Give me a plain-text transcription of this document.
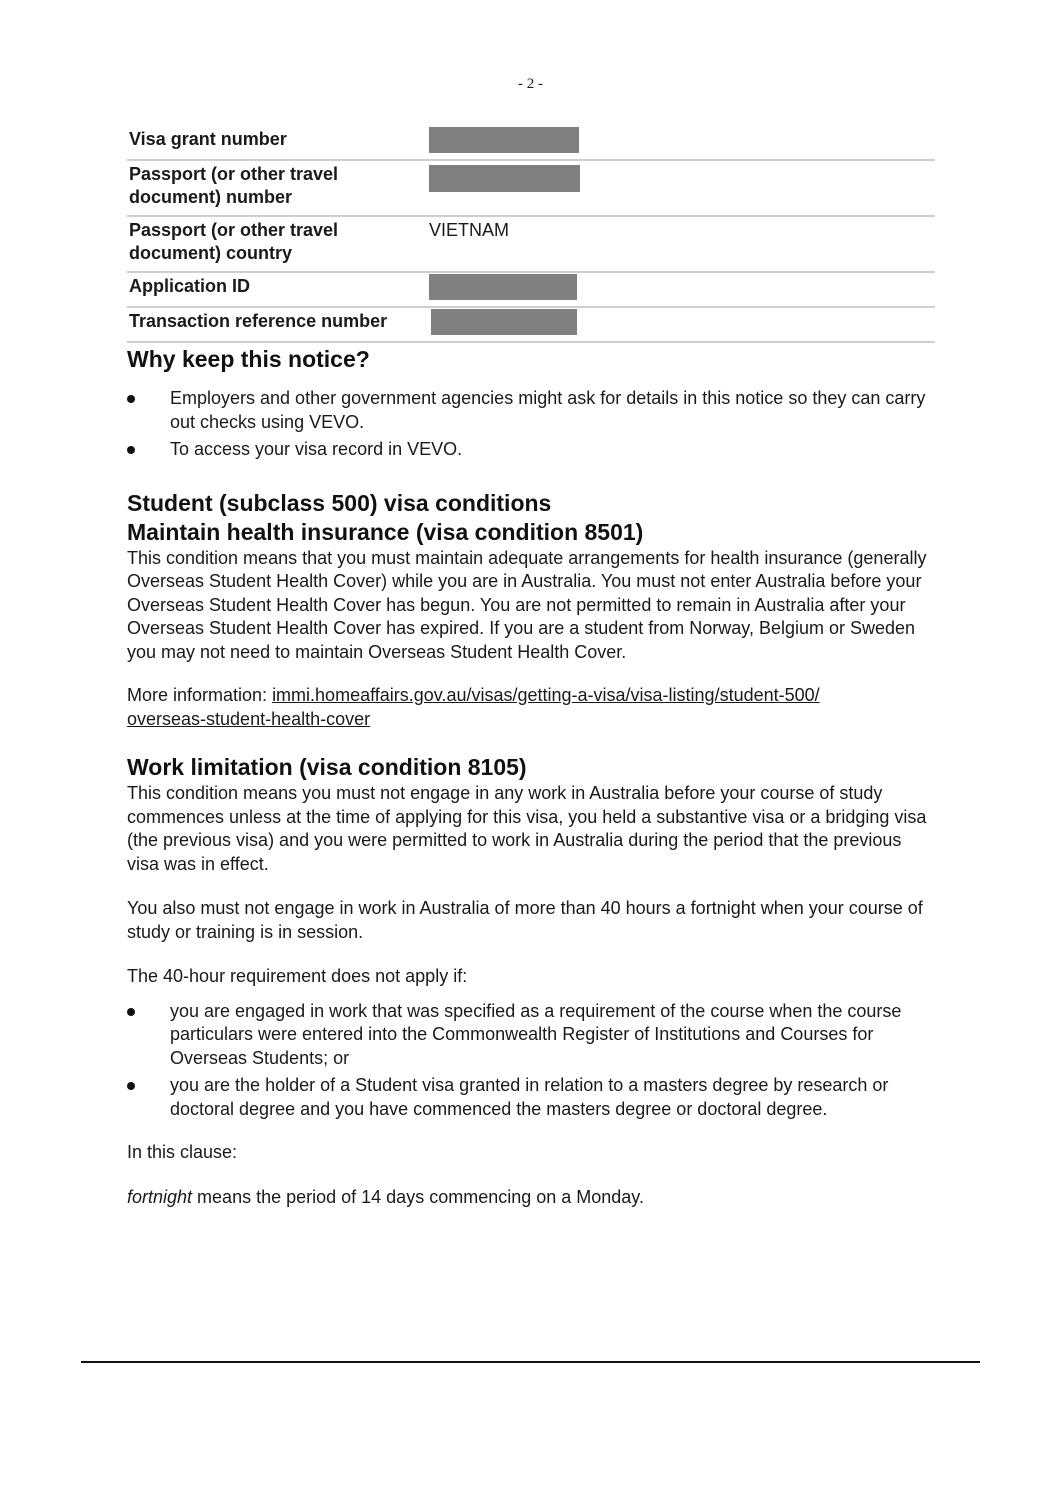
- 2 -
Visa grant number	
Passport (or other travel document) number	
Passport (or other travel document) country	VIETNAM
Application ID	
Transaction reference number	
Why keep this notice?
Employers and other government agencies might ask for details in this notice so they can carry out checks using VEVO.
To access your visa record in VEVO.
Student (subclass 500) visa conditions
Maintain health insurance (visa condition 8501)

This condition means that you must maintain adequate arrangements for health insurance (generally Overseas Student Health Cover) while you are in Australia. You must not enter Australia before your Overseas Student Health Cover has begun. You are not permitted to remain in Australia after your Overseas Student Health Cover has expired. If you are a student from Norway, Belgium or Sweden you may not need to maintain Overseas Student Health Cover.

More information: immi.homeaffairs.gov.au/visas/getting-a-visa/visa-listing/student-500/
overseas-student-health-cover

Work limitation (visa condition 8105)

This condition means you must not engage in any work in Australia before your course of study commences unless at the time of applying for this visa, you held a substantive visa or a bridging visa (the previous visa) and you were permitted to work in Australia during the period that the previous visa was in effect.

You also must not engage in work in Australia of more than 40 hours a fortnight when your course of study or training is in session.

The 40-hour requirement does not apply if:

you are engaged in work that was specified as a requirement of the course when the course particulars were entered into the Commonwealth Register of Institutions and Courses for Overseas Students; or
you are the holder of a Student visa granted in relation to a masters degree by research or doctoral degree and you have commenced the masters degree or doctoral degree.

In this clause:

fortnight means the period of 14 days commencing on a Monday.
